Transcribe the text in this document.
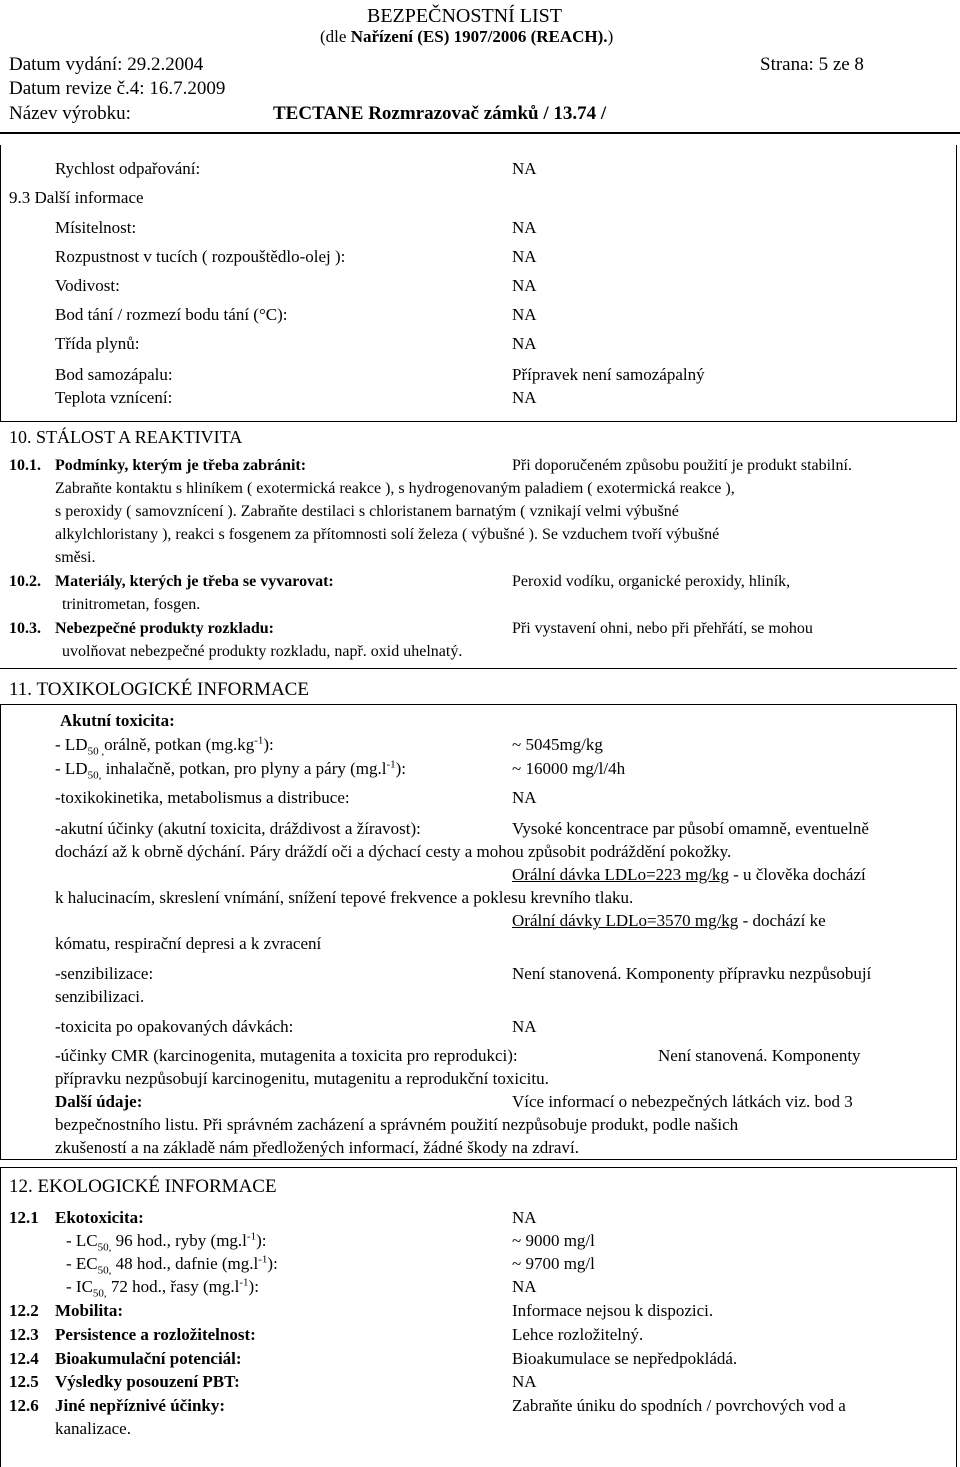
BEZPEČNOSTNÍ LIST
(dle Nařízení (ES) 1907/2006 (REACH).)
Datum vydání: 29.2.2004	Strana: 5 ze 8
Datum revize č.4: 16.7.2009
Název výrobku:	TECTANE Rozmrazovač zámků / 13.74 /
Rychlost odpařování:	NA
9.3 Další informace
Mísitelnost:	NA
Rozpustnost v tucích ( rozpouštědlo-olej ):	NA
Vodivost:	NA
Bod tání / rozmezí bodu tání (°C):	NA
Třída plynů:	NA
Bod samozápalu:	Přípravek není samozápalný
Teplota vznícení:	NA
10. STÁLOST A REAKTIVITA
10.1. Podmínky, kterým je třeba zabránit:	Při doporučeném způsobu použití je produkt stabilní.
Zabraňte kontaktu s hliníkem ( exotermická reakce ), s hydrogenovaným paladiem ( exotermická reakce ),
s peroxidy ( samovznícení ). Zabraňte destilaci s chloristanem barnatým ( vznikají velmi výbušné
alkylchloristany ), reakci s fosgenem za přítomnosti solí železa ( výbušné ). Se vzduchem tvoří výbušné
směsi.
10.2. Materiály, kterých je třeba se vyvarovat:	Peroxid vodíku, organické peroxidy, hliník,
trinitrometan, fosgen.
10.3. Nebezpečné produkty rozkladu:	Při vystavení ohni, nebo při přehřátí, se mohou
uvolňovat nebezpečné produkty rozkladu, např. oxid uhelnatý.
11. TOXIKOLOGICKÉ INFORMACE
Akutní toxicita:
- $LD_{50 ,}orá\ln ě$, potkan $(mg.kg^{-1})$:	~ 5045mg/kg
- $LD_{50,}$ inhalačně, potkan, pro plyny a páry $(mg.l^{-1})$:	~ 16000 mg/l/4h
-toxikokinetika, metabolismus a distribuce:	NA
-akutní účinky (akutní toxicita, dráždivost a žíravost):	Vysoké koncentrace par působí omamně, eventuelně
dochází až k obrně dýchání. Páry dráždí oči a dýchací cesty a mohou způsobit podráždění pokožky.
Orální dávka LDLo=223 mg/kg - u člověka dochází
k halucinacím, skreslení vnímání, snížení tepové frekvence a poklesu krevního tlaku.
Orální dávky LDLo=3570 mg/kg - dochází ke
kómatu, respirační depresi a k zvracení
-senzibilizace:	Není stanovená. Komponenty přípravku nezpůsobují
senzibilizaci.
-toxicita po opakovaných dávkách:	NA
-účinky CMR (karcinogenita, mutagenita a toxicita pro reprodukci):	Není stanovená. Komponenty
přípravku nezpůsobují karcinogenitu, mutagenitu a reprodukční toxicitu.
Další údaje:	Více informací o nebezpečných látkách viz. bod 3
bezpečnostního listu. Při správném zacházení a správném použití nezpůsobuje produkt, podle našich
zkušeností a na základě nám předložených informací, žádné škody na zdraví.
12. EKOLOGICKÉ INFORMACE
12.1 Ekotoxicita:	NA
- $LC_{50,}$ 96 hod., ryby $(mg.l^{-1})$:	~ 9000 mg/l
- $EC_{50,}$ 48 hod., dafnie $(mg.l^{-1})$:	~ 9700 mg/l
- $IC_{50,}$ 72 hod., řasy $(mg.l^{-1})$:	NA
12.2 Mobilita:	Informace nejsou k dispozici.
12.3 Persistence a rozložitelnost:	Lehce rozložitelný.
12.4 Bioakumulační potenciál:	Bioakumulace se nepředpokládá.
12.5 Výsledky posouzení PBT:	NA
12.6 Jiné nepříznivé účinky:	Zabraňte úniku do spodních / povrchových vod a
kanalizace.
